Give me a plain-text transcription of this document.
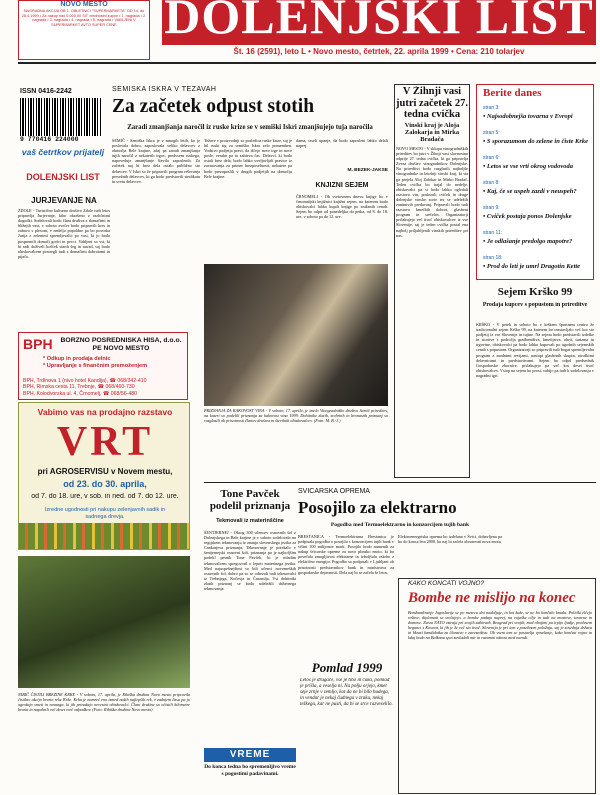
NOVO MESTO
NAGRADNA AKCIJA OB 1. OBLETNICI "SUPERMARKETA" OD 14. do 28.4.1999 • Za nakup nad 5.000,00 SIT vrednostni kupon • 1. nagrada • 2. nagrada • 3. nagrada • 4. nagrada • 5. nagrada • VABLJENI V SUPERMARKET AVTO SUPER CENE DOLENJSKI LIST
Št. 16 (2591), leto L • Novo mesto, četrtek, 22. aprila 1999 • Cena: 210 tolarjev
ISSN 0416-2242
9 770416 224000
vaš četrtkov prijatelj
DOLENJSKI LIST
JURJEVANJE NA
ZDOLE - Turistično kulturno društvo Zdole tudi letos pripravlja Jurjevanje, kibo okrašeno z različnimi dogodki. Sodelovali bodo člani društva z domačimi in bližnjih vasi, v soboto zvečer bodo pripravili kres in zabavo s plesom, v nedeljo popoldne pa bo povorka Jurija z zelenimi spremljevalci po vasi, ki jo bodo pospremili domači godci in pevci. Vabljeni so vsi, ki bi radi doživeli košček starih šeg in navad, saj bodo obiskovalcem postregli tudi z domačimi dobrotami in pijačo.
BPH	BORZNO POSREDNIŠKA HIŠA, d.o.o. PE NOVO MESTO
* Odkup in prodaja delnic
* Upravljanje s finančnim premoženjem
BPH, Trdinova 1 (nivo hotel Kandija), ☎ 068/342-410
BPH, Rimska cesta 11, Trebnje, ☎ 068/460-730
BPH, Kolodvorska ul. 4, Črnomelj, ☎ 068/56-480
Vabimo vas na prodajno razstavo
VRT
pri AGROSERVISU v Novem mestu,
od 23. do 30. aprila,
od 7. do 18. ure, v sob. in ned. od 7. do 12. ure.
Izredne ugodnosti pri nakupu zelenjavnih sadik in sadnega drevja.
NIBIČ ČISTILI BREZINE KRKE - V soboto, 17. aprila, je Ribiška družina Novo mesto pripravila čistilno akcijo brezin reke Krke. Krka je namreč eno izmed naših najlepših rek, v zadnjem času pa jo ogrožajo smeti in nesnaga, ki jih prinašajo nevestni obiskovalci. Člani družine so očistili kilometre brezin in napolnili več deset vreč odpadkov. (Foto: Ribiška družina Novo mesto)
SEMIŠKA ISKRA V TEŽAVAH
Za začetek odpust stotih
Zaradi zmanjšanja naročil iz ruske krize se v semiški Iskri zmanjšujejo tuja naročila
SEMIČ - Semiška Iskra je v mnogih letih, ko je poslovala dobro, zaposlovala veliko delavcev z območja Bele krajine, zdaj pa zaradi zmanjšanja tujih naročil z nekaterih trgov, predvsem ruskega, napoveduje zmanjšanje števila zaposlenih. Za začetek naj bi brez dela ostalo približno sto delavcev. V Iskri so že pripravili program reševanja presežnih delavcev, ki ga bodo predstavili sindikatu in svetu delavcev.
Težave v proizvodnji so posledica ruske krize, saj je bil ruski trg za semiško Iskro zelo pomemben. Vodstvo podjetja pravi, da iščejo nove trge in nove posle, vendar pa to zahteva čas. Delavci, ki bodo ostali brez dela, bodo lahko uveljavljali pravice iz zavarovanja za primer brezposelnosti, nekatere pa bodo prezaposlili v drugih podjetjih na območju Bele krajine.
darna, izseli upanje, da bodo zaposleni lahko delali naprej.
M. BEZEK-JAKŠE
KNJIŽNI SEJEM
ČRNOMELJ - Ob svetovnem dnevu knjige bo v črnomaljski knjižnici knjižni sejem, na katerem bodo obiskovalci lahko kupili knjige po znižanih cenah. Sejem bo odprt od ponedeljka do petka, od 8. do 18. ure, v soboto pa do 12. ure.
PRIZNANJA ZA KAKOVOST VINA - V soboto, 17. aprila, je imelo Vinogradniško društvo Semič prireditev, na kateri so podelili priznanja za kakovost vina 1999. Dobitnike zlatih, srebrnih in bronastih priznanj so razglasili ob prisotnosti članov društva in številnih obiskovalcev. (Foto: M. B.-J.)
Tone Pavček podelil priznanja
Tekmovali iz materinščine
ŠENTJERNEJ - Okrog 300 učencev osnovnih šol z Dolenjskega in Bele krajine je v soboto sodelovalo na regijskem tekmovanju iz znanja slovenskega jezika za Cankarjeva priznanja. Tekmovanje je potekalo v šentjernejski osnovni šoli, priznanja pa je najboljšim podelil pesnik Tone Pavček, ki je mladim tekmovalcem spregovoril o lepoti materinega jezika. Med najuspešnejšimi so bili učenci novomeških osnovnih šol, dobro pa so se odrezali tudi tekmovalci iz Trebnjega, Kočevja in Črnomlja. Vsi dobitniki zlatih priznanj se bodo udeležili državnega tekmovanja.
VREME
Do konca tedna bo spremenljivo vreme s pogostimi padavinami.
ŠVICARSKA OPREMA
Posojilo za elektrarno
Pogodba med Termoelektrarno in konzorcijem tujih bank
BRESTANICA - Termoelektrarna Brestanica je podpisala pogodbo o posojilu s konzorcijem tujih bank v višini 100 milijonov mark. Posojilo bodo namenili za nakup švicarske opreme za novo plinsko enoto, ki bo povečala zmogljivost elektrarne in izboljšala oskrbo z električno energijo. Pogodbo so podpisali v Ljubljani ob prisotnosti predstavnikov bank in ministrstva za gospodarske dejavnosti. Dela naj bi se začela še letos.
Elektroenergetska oprema bo izdelana v Švici, dobavljena pa bo do konca leta 2000, ko naj bi začela obratovati nova enota.
Pomlad 1999
Letos je drugače, vse je tiho in čaka, pomlad je prišla, a veselja ni. Na polju orjejo, kmet seje zrnje v zemljo, kot da ne bi bilo hudega, in vendar je nekaj čudnega v zraku, nekaj težkega, kar ne pusti, da bi se srce razveselilo.
KAKO KONČATI VOJNO?
Bombe ne mislijo na konec
Bombardiranje Jugoslavije se po mesecu dni nadaljuje, in kot kaže, se ne bo končalo kmalu. Politiki iščejo rešitve, diplomati se srečujejo, a bombe padajo naprej, na vojaške cilje in tudi na mostove, tovarne in domove. Zveza NATO vztraja pri svojih zahtevah, Beograd pri svojih, med obojimi pa trpijo ljudje, predvsem begunci s Kosova, ki jih je že več sto tisoč. Slovenija je pri tem v posebnem položaju, saj je sosednja država in hkrati kandidatka za članstvo v zavezništvu. Ob vsem tem se postavlja vprašanje, kako končati vojno in kdaj bodo na Balkanu spet zavladali mir in razumni odnosi med narodi.
V Žihnji vasi jutri začetek 27. tedna cvička
Vinski kraj je Aloja Zalokarja in Mirka Bradača
NOVO MESTO - V sklopu vinogradniških prireditev bo jutri v Žihnji vasi slavnostno odprtje 27. tedna cvička, ki ga pripravlja Zveza društev vinogradnikov Dolenjske. Na prireditvi bodo razglasili najboljše vinogradnike in letošnji vinski kraj, ki sta ga prejela Aloj Zalokar in Mirko Bradač. Teden cvička bo trajal do nedelje, obiskovalci pa si bodo lahko ogledali razstavo vin, poskusili cviček in druge dolenjske vinske sorte ter se udeležili zanimivih predavanj. Pripravili bodo tudi razstavo kmečkih dobrot, glasbeni program in srečelov. Organizatorji pričakujejo več tisoč obiskovalcev iz vse Slovenije, saj je teden cvička postal ena najbolj priljubljenih vinskih prireditev pri nas.
Berite danes
stran 3:
• Najsodobnejša tovarna v Evropi
stran 5:
• S sporazumom do zelene in čiste Krke
stran 6:
• Letos se vse vrti okrog vodovoda
stran 8:
• Kaj, če se uspeh zazdi v neuspeh?
stran 9:
• Cviček postaja ponos Dolenjske
stran 11:
• Je odlašanje predolgo mapotre?
stran 18:
• Prod do leti je umrl Dragotin Kette
Sejem Krško 99
Prodaja kupcev s popustom in prireditve
KRŠKO - V petek in soboto bo v krškem športnem centru že tradicionalni sejem Krško 99, na katerem bo razstavljalo več kot sto podjetij iz vse Slovenije in tujine. Na sejmu bodo predstavili izdelke in storitve s področja gradbeništva, kmetijstva, obrti, turizma in trgovine, obiskovalci pa bodo lahko kupovali po ugodnih sejemskih cenah s popustom. Organizatorji so pripravili tudi bogat spremljevalni program z modnimi revijami, nastopi glasbenih skupin, otroškimi delavnicami in predstavitvami. Sejem bo odprl predsednik Gospodarske zbornice, pričakujejo pa več kot deset tisoč obiskovalcev. Vstop na sejem bo prost, vabijo pa tudi k sodelovanju v nagradni igri.
